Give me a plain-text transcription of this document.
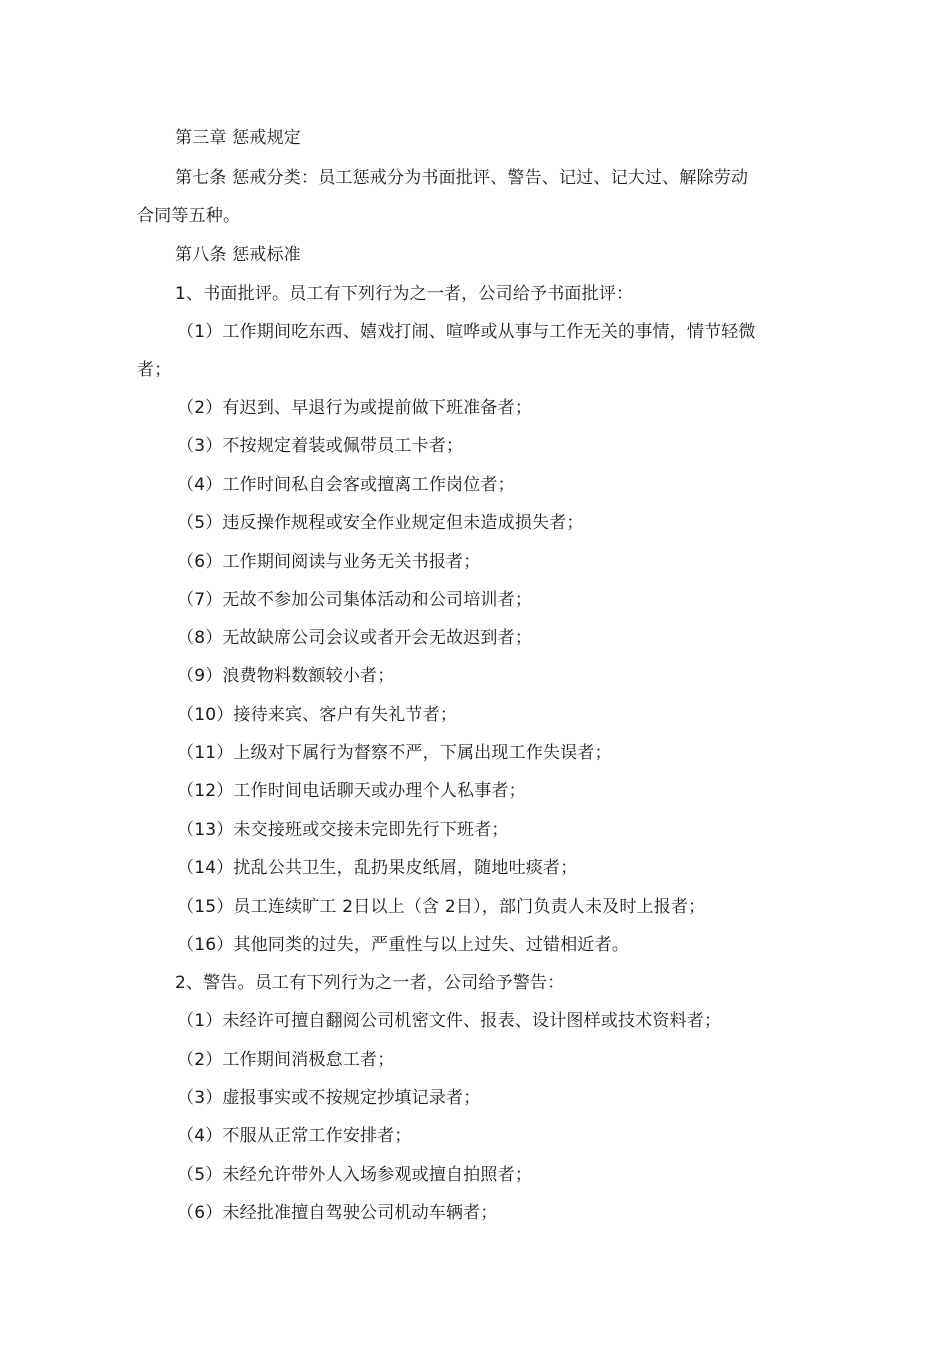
第三章 惩戒规定
第七条 惩戒分类：员工惩戒分为书面批评、警告、记过、记大过、解除劳动
合同等五种。
第八条 惩戒标准
1、书面批评。员工有下列行为之一者，公司给予书面批评：
（1）工作期间吃东西、嬉戏打闹、喧哗或从事与工作无关的事情，情节轻微
者；
（2）有迟到、早退行为或提前做下班准备者；
（3）不按规定着装或佩带员工卡者；
（4）工作时间私自会客或擅离工作岗位者；
（5）违反操作规程或安全作业规定但未造成损失者；
（6）工作期间阅读与业务无关书报者；
（7）无故不参加公司集体活动和公司培训者；
（8）无故缺席公司会议或者开会无故迟到者；
（9）浪费物料数额较小者；
（10）接待来宾、客户有失礼节者；
（11）上级对下属行为督察不严，下属出现工作失误者；
（12）工作时间电话聊天或办理个人私事者；
（13）未交接班或交接未完即先行下班者；
（14）扰乱公共卫生，乱扔果皮纸屑，随地吐痰者；
（15）员工连续旷工 2日以上（含 2日），部门负责人未及时上报者；
（16）其他同类的过失，严重性与以上过失、过错相近者。
2、警告。员工有下列行为之一者，公司给予警告：
（1）未经许可擅自翻阅公司机密文件、报表、设计图样或技术资料者；
（2）工作期间消极怠工者；
（3）虚报事实或不按规定抄填记录者；
（4）不服从正常工作安排者；
（5）未经允许带外人入场参观或擅自拍照者；
（6）未经批准擅自驾驶公司机动车辆者；
